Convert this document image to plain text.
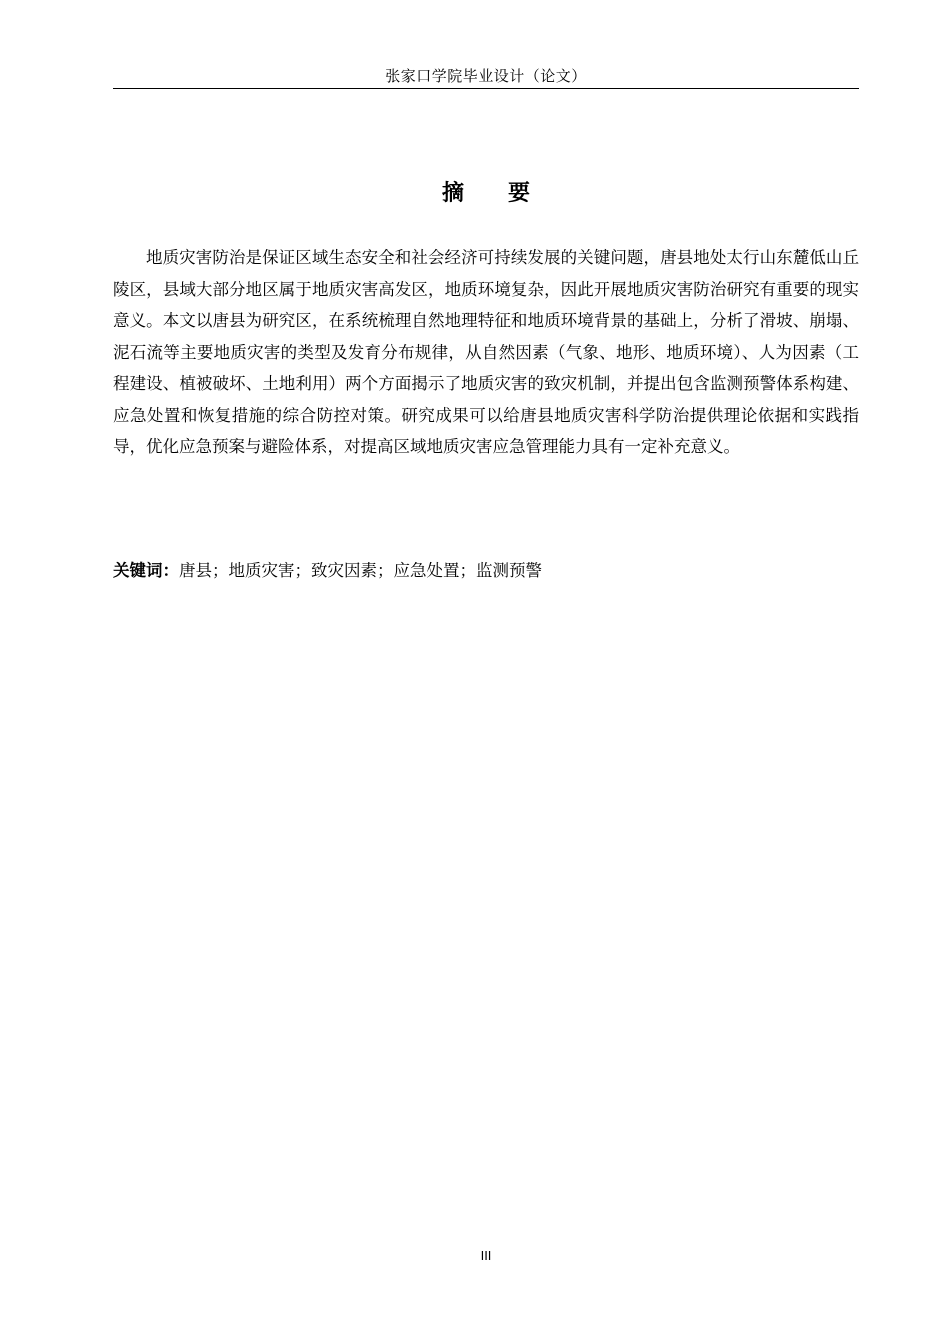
张家口学院毕业设计（论文）
摘 要

地质灾害防治是保证区域生态安全和社会经济可持续发展的关键问题，唐县地处太行山东麓低山丘陵区，县域大部分地区属于地质灾害高发区，地质环境复杂，因此开展地质灾害防治研究有重要的现实意义。本文以唐县为研究区，在系统梳理自然地理特征和地质环境背景的基础上，分析了滑坡、崩塌、泥石流等主要地质灾害的类型及发育分布规律，从自然因素（气象、地形、地质环境）、人为因素（工程建设、植被破坏、土地利用）两个方面揭示了地质灾害的致灾机制，并提出包含监测预警体系构建、应急处置和恢复措施的综合防控对策。研究成果可以给唐县地质灾害科学防治提供理论依据和实践指导，优化应急预案与避险体系，对提高区域地质灾害应急管理能力具有一定补充意义。

关键词：唐县；地质灾害；致灾因素；应急处置；监测预警
III
